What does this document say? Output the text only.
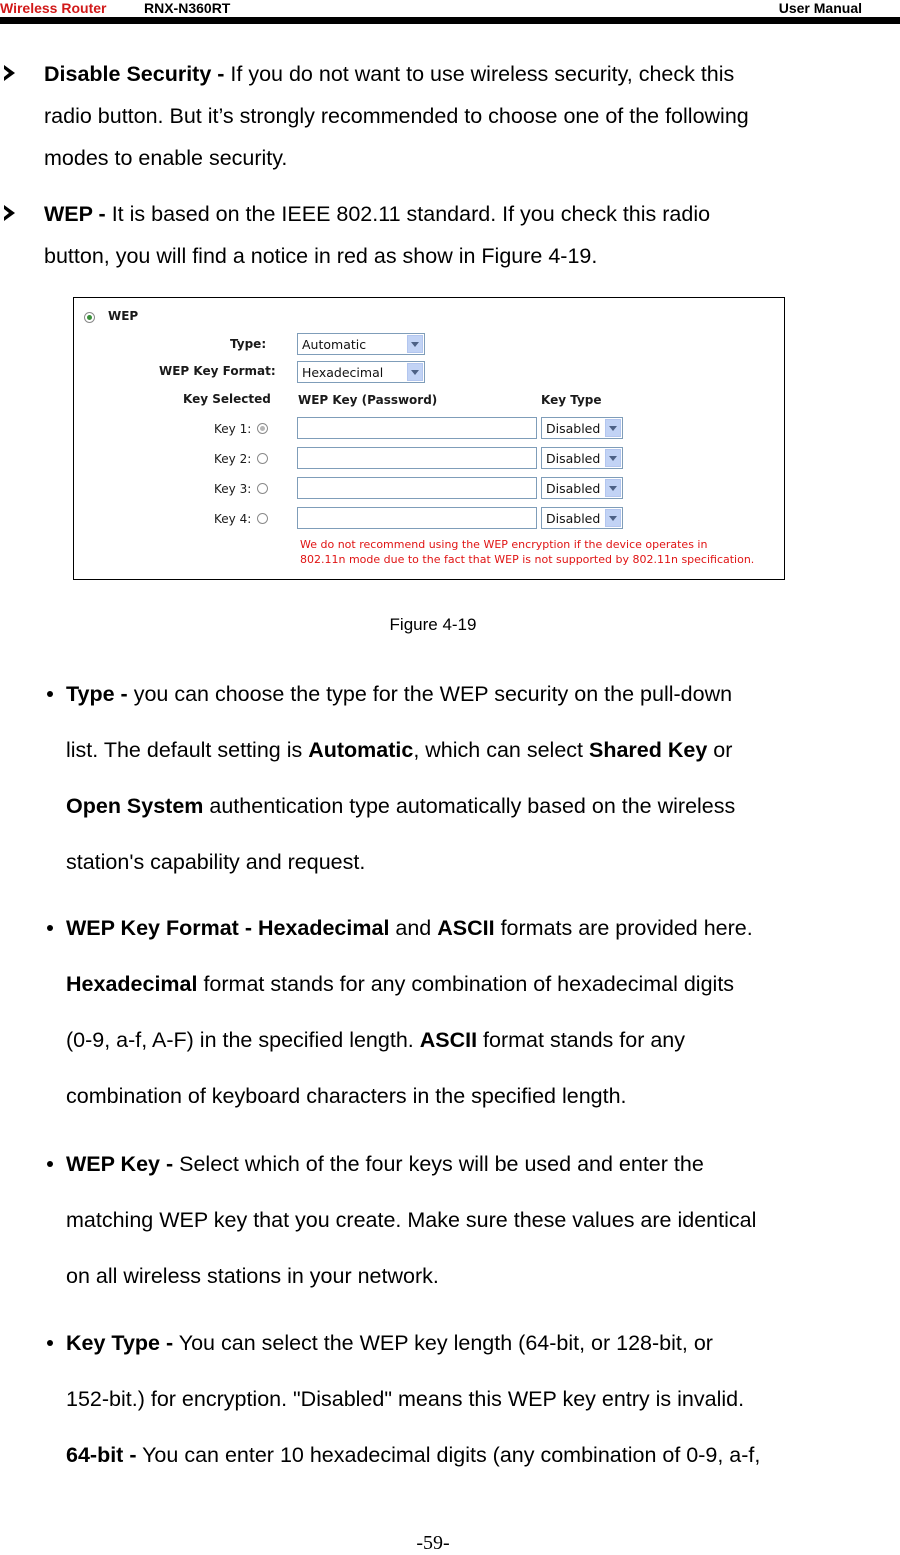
Wireless Router	RNX-N360RT	User Manual

Disable Security - If you do not want to use wireless security, check this
radio button. But it’s strongly recommended to choose one of the following
modes to enable security.

WEP - It is based on the IEEE 802.11 standard. If you check this radio
button, you will find a notice in red as show in Figure 4-19.

WEP
Type:	Automatic
WEP Key Format: Hexadecimal
Key Selected WEP Key (Password)	Key Type
Key 1:	Disabled
Key 2:	Disabled
Key 3:	Disabled
Key 4:	Disabled
We do not recommend using the WEP encryption if the device operates in
802.11n mode due to the fact that WEP is not supported by 802.11n specification.
Figure 4-19

Type - you can choose the type for the WEP security on the pull-down
list. The default setting is Automatic, which can select Shared Key or
Open System authentication type automatically based on the wireless
station's capability and request.

WEP Key Format - Hexadecimal and ASCII formats are provided here.
Hexadecimal format stands for any combination of hexadecimal digits
(0-9, a-f, A-F) in the specified length. ASCII format stands for any
combination of keyboard characters in the specified length.

WEP Key - Select which of the four keys will be used and enter the
matching WEP key that you create. Make sure these values are identical
on all wireless stations in your network.

Key Type - You can select the WEP key length (64-bit, or 128-bit, or
152-bit.) for encryption. "Disabled" means this WEP key entry is invalid.

64-bit - You can enter 10 hexadecimal digits (any combination of 0-9, a-f,
-59-
